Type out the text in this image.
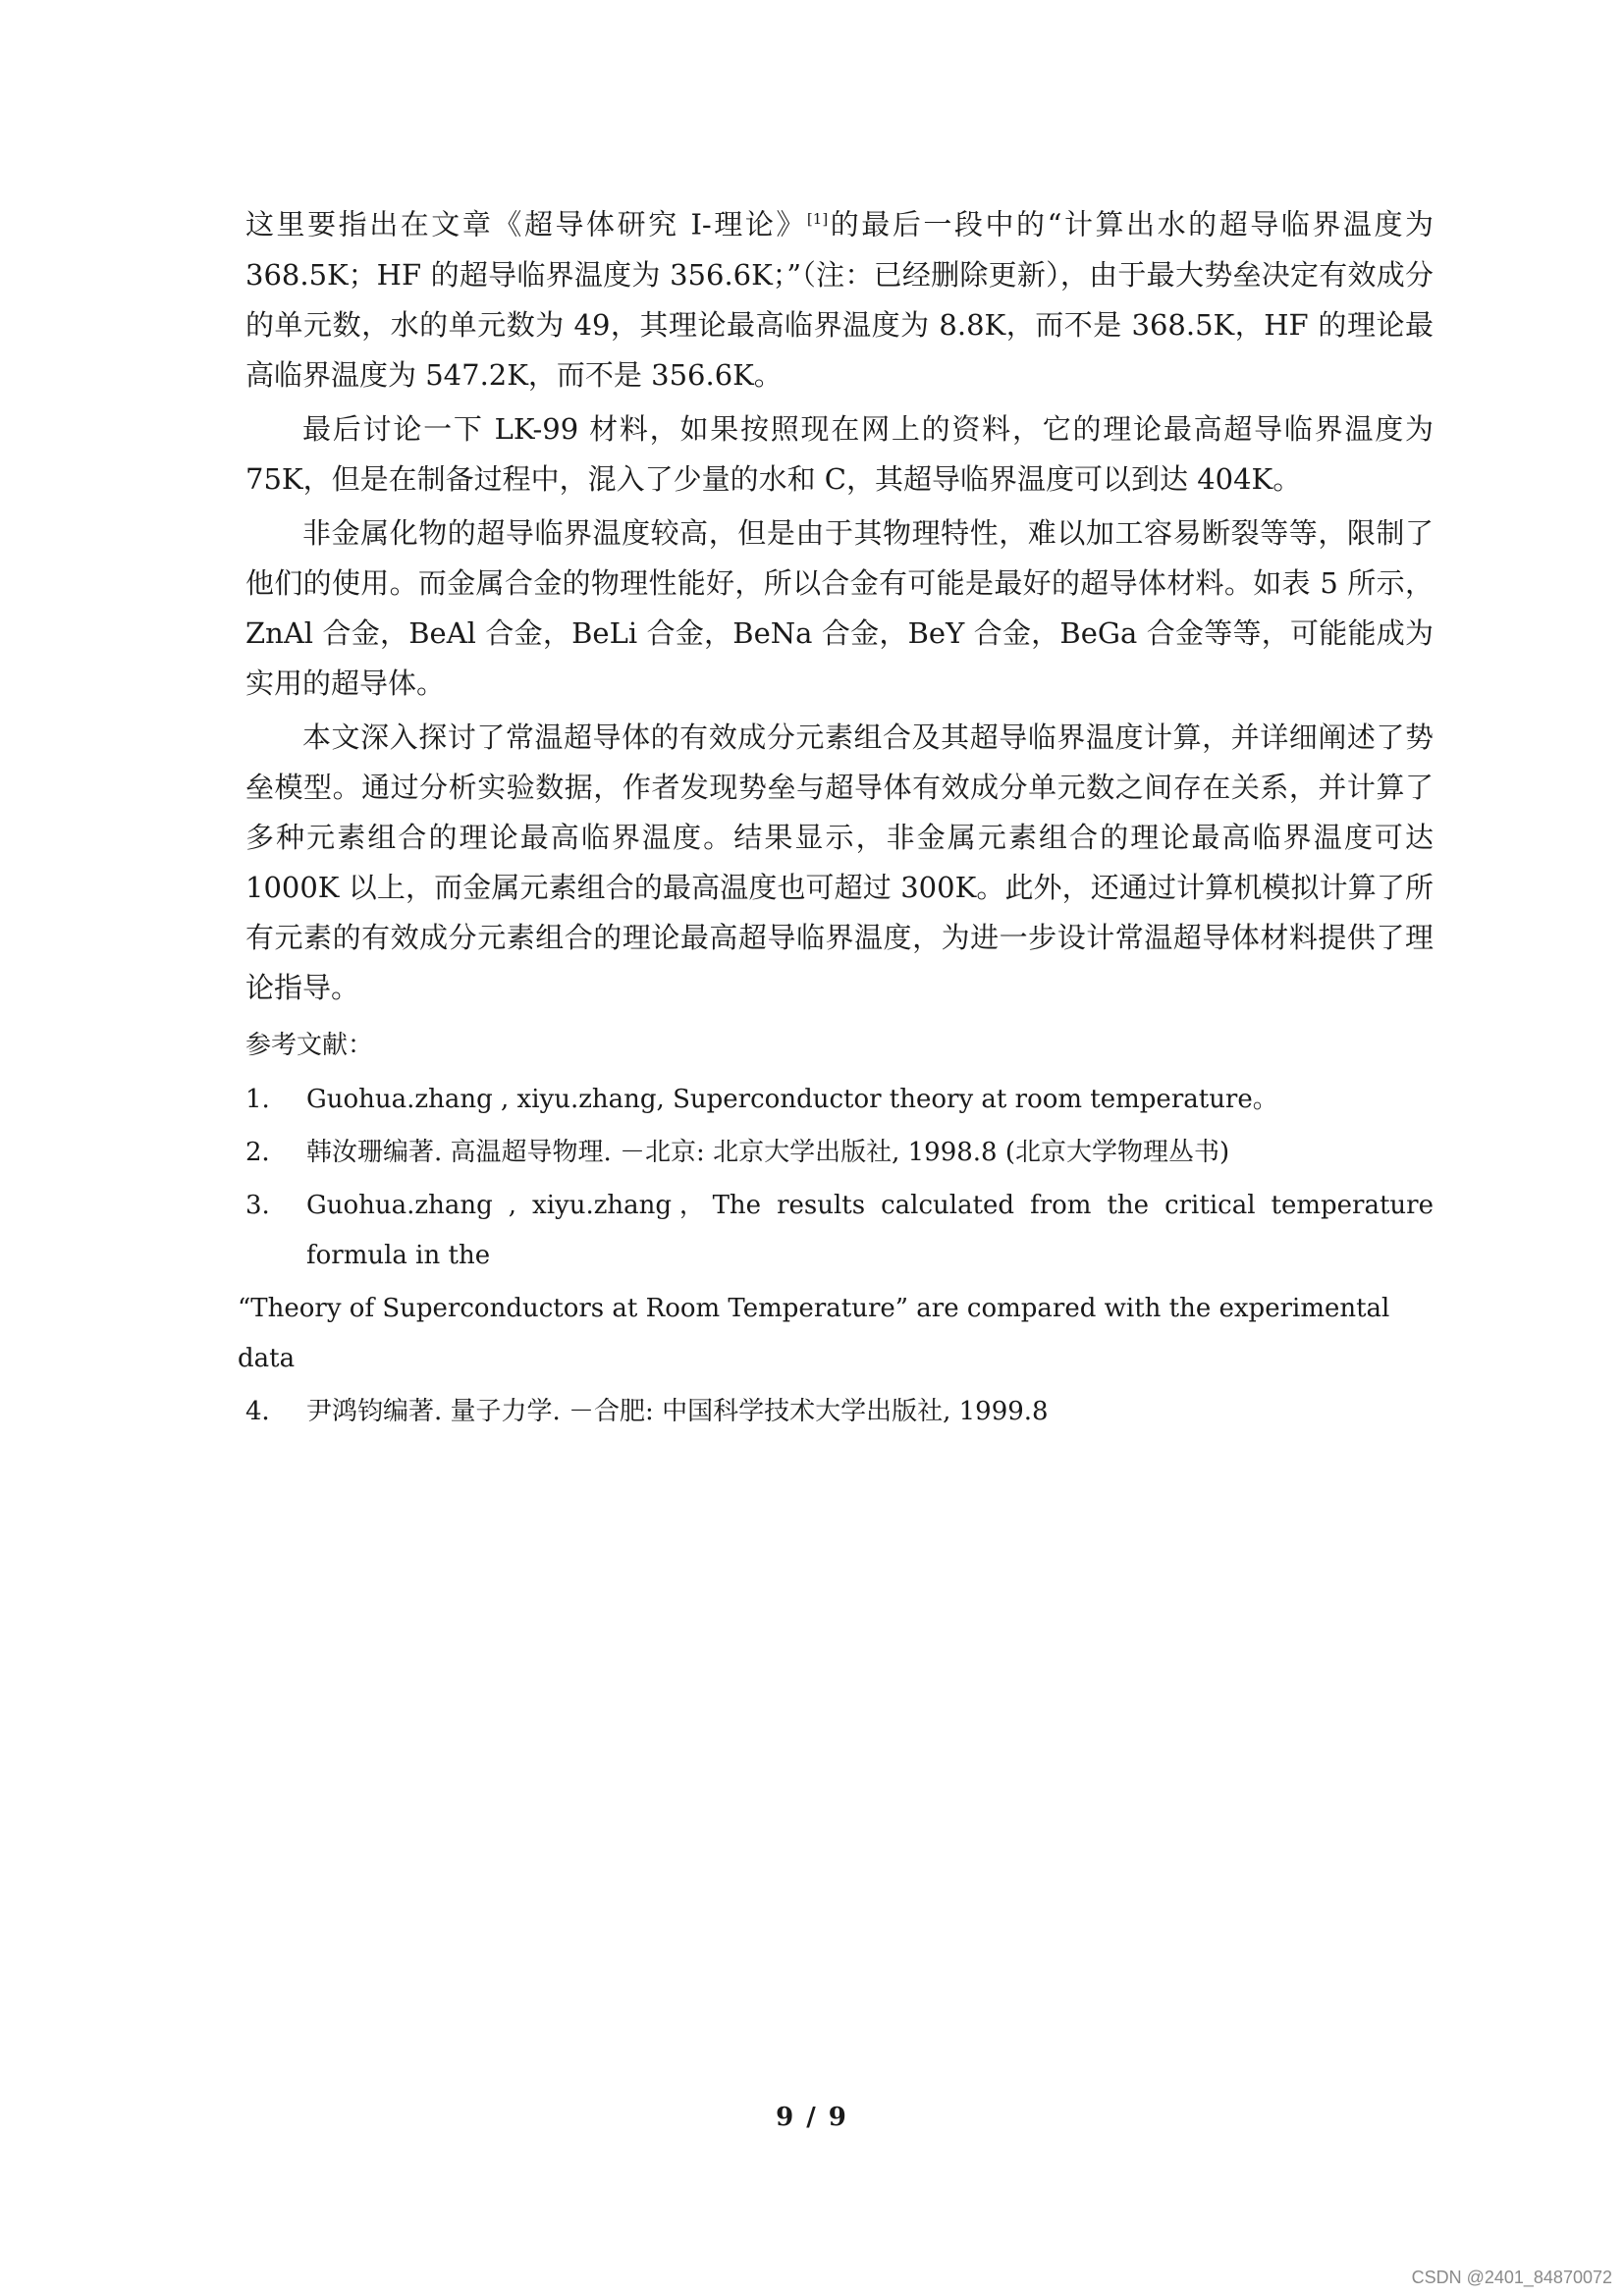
这里要指出在文章《超导体研究 I-理论》[1]的最后一段中的“计算出水的超导临界温度为 368.5K；HF 的超导临界温度为 356.6K；”（注：已经删除更新），由于最大势垒决定有效成分的单元数，水的单元数为 49，其理论最高临界温度为 8.8K，而不是 368.5K，HF 的理论最高临界温度为 547.2K，而不是 356.6K。

最后讨论一下 LK-99 材料，如果按照现在网上的资料，它的理论最高超导临界温度为 75K，但是在制备过程中，混入了少量的水和 C，其超导临界温度可以到达 404K。

非金属化物的超导临界温度较高，但是由于其物理特性，难以加工容易断裂等等，限制了他们的使用。而金属合金的物理性能好，所以合金有可能是最好的超导体材料。如表 5 所示，ZnAl 合金，BeAl 合金，BeLi 合金，BeNa 合金，BeY 合金，BeGa 合金等等，可能能成为实用的超导体。

本文深入探讨了常温超导体的有效成分元素组合及其超导临界温度计算，并详细阐述了势垒模型。通过分析实验数据，作者发现势垒与超导体有效成分单元数之间存在关系，并计算了多种元素组合的理论最高临界温度。结果显示，非金属元素组合的理论最高临界温度可达 1000K 以上，而金属元素组合的最高温度也可超过 300K。此外，还通过计算机模拟计算了所有元素的有效成分元素组合的理论最高超导临界温度，为进一步设计常温超导体材料提供了理论指导。

参考文献：
1.	Guohua.zhang , xiyu.zhang, Superconductor theory at room temperature。
2． 韩汝珊编著. 高温超导物理. －北京: 北京大学出版社, 1998.8 (北京大学物理丛书)
3.	Guohua.zhang , xiyu.zhang，The results calculated from the critical temperature formula in the
“Theory of Superconductors at Room Temperature” are compared with the experimental data
4． 尹鸿钧编著. 量子力学. －合肥: 中国科学技术大学出版社, 1999.8
9 / 9
CSDN @2401_84870072
